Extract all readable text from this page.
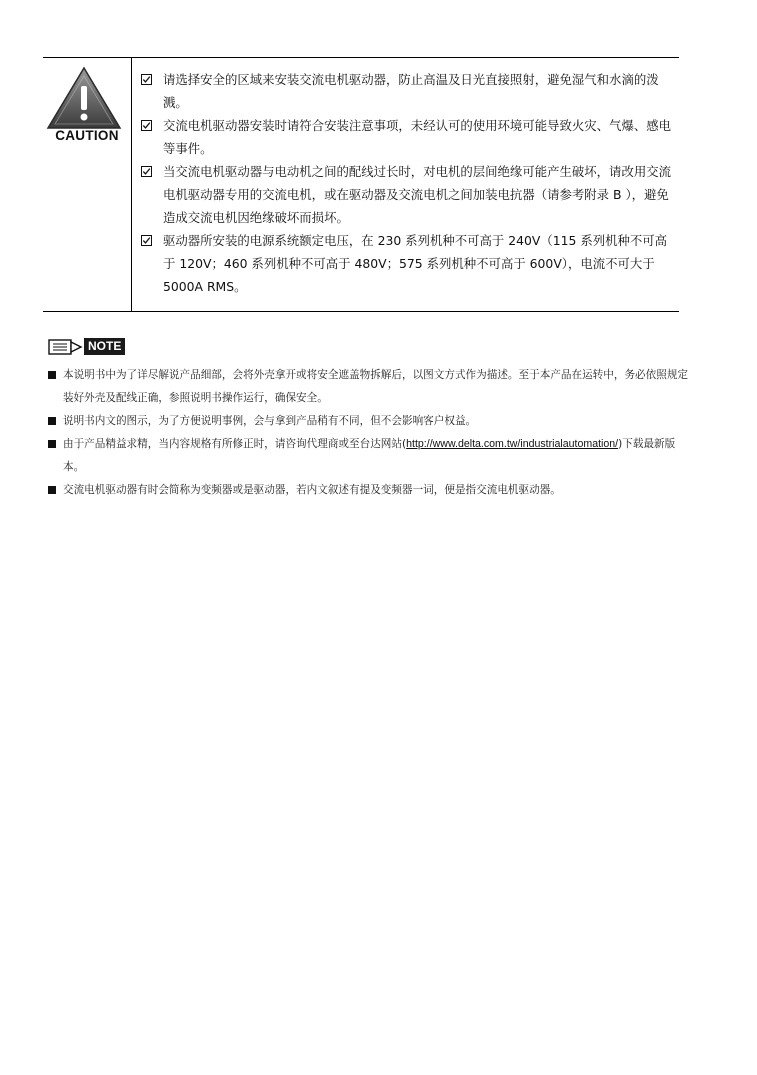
CAUTION
请选择安全的区域来安装交流电机驱动器，防止高温及日光直接照射，避免湿气和水滴的泼溅。
交流电机驱动器安装时请符合安装注意事项，未经认可的使用环境可能导致火灾、气爆、感电等事件。
当交流电机驱动器与电动机之间的配线过长时，对电机的层间绝缘可能产生破坏，请改用交流电机驱动器专用的交流电机，或在驱动器及交流电机之间加装电抗器（请参考附录 B ），避免造成交流电机因绝缘破坏而损坏。
驱动器所安装的电源系统额定电压，在 230 系列机种不可高于 240V（115 系列机种不可高于 120V；460 系列机种不可高于 480V；575 系列机种不可高于 600V），电流不可大于 5000A RMS。
NOTE
本说明书中为了详尽解说产品细部，会将外壳拿开或将安全遮盖物拆解后，以图文方式作为描述。至于本产品在运转中，务必依照规定装好外壳及配线正确，参照说明书操作运行，确保安全。
说明书内文的图示，为了方便说明事例，会与拿到产品稍有不同，但不会影响客户权益。
由于产品精益求精，当内容规格有所修正时，请咨询代理商或至台达网站(http://www.delta.com.tw/industrialautomation/)下载最新版本。
交流电机驱动器有时会简称为变频器或是驱动器，若内文叙述有提及变频器一词，便是指交流电机驱动器。
